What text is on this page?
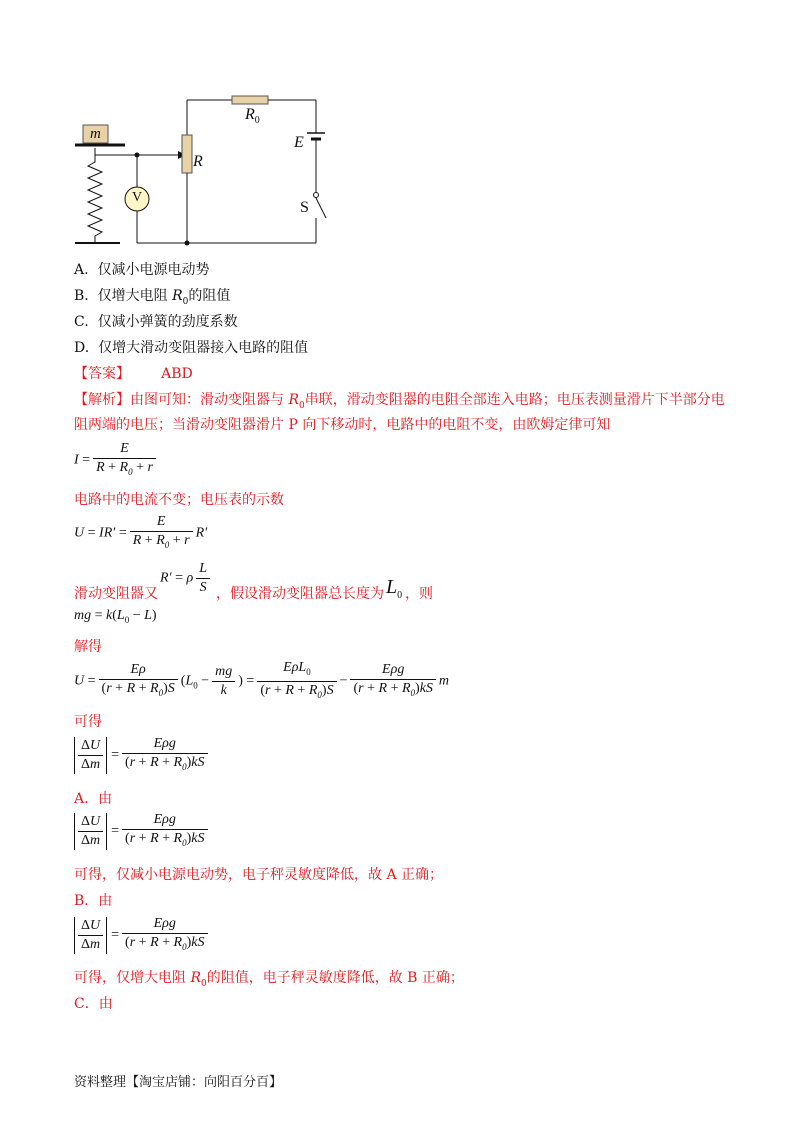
m
V
$R_0$
R
E
S
A. 仅减小电源电动势
B. 仅增大电阻 $R_0$的阻值
C. 仅减小弹簧的劲度系数
D. 仅增大滑动变阻器接入电路的阻值
【答案】 ABD
【解析】由图可知：滑动变阻器与 $R_0$串联，滑动变阻器的电阻全部连入电路；电压表测量滑片下半部分电
阻两端的电压；当滑动变阻器滑片 P 向下移动时，电路中的电阻不变，由欧姆定律可知
$I = \frac{E}{R + R_0 + r}$
电路中的电流不变；电压表的示数
$U = IR' = \frac{E}{R + R_0 + r} R'$
滑动变阻器又
R′ = ρ $\frac{L}{S}$ ，假设滑动变阻器总长度为 $L_0$ ，则
mg = $k(L_0 - L)$
解得
$U = \frac{E\rho}{(r + R + R_0)S} (L_0 - \frac{mg}{k}$ ) = $\frac{E\rho L_0}{(r + R + R_0)S} - \frac{\text{Eρg}}{(r + R + R_0)kS}$ m
可得
$\frac{\Delta U}{\Delta m} = \frac{\text{Eρg}}{(r + R + R_0)kS}$
A．由
$\frac{\Delta U}{\Delta m} = \frac{\text{Eρg}}{(r + R + R_0)kS}$
可得，仅减小电源电动势，电子秤灵敏度降低，故 A 正确；
B．由
$\frac{\Delta U}{\Delta m} = \frac{\text{Eρg}}{(r + R + R_0)kS}$
可得，仅增大电阻 $R_0$的阻值，电子秤灵敏度降低，故 B 正确；
C．由
资料整理【淘宝店铺：向阳百分百】
